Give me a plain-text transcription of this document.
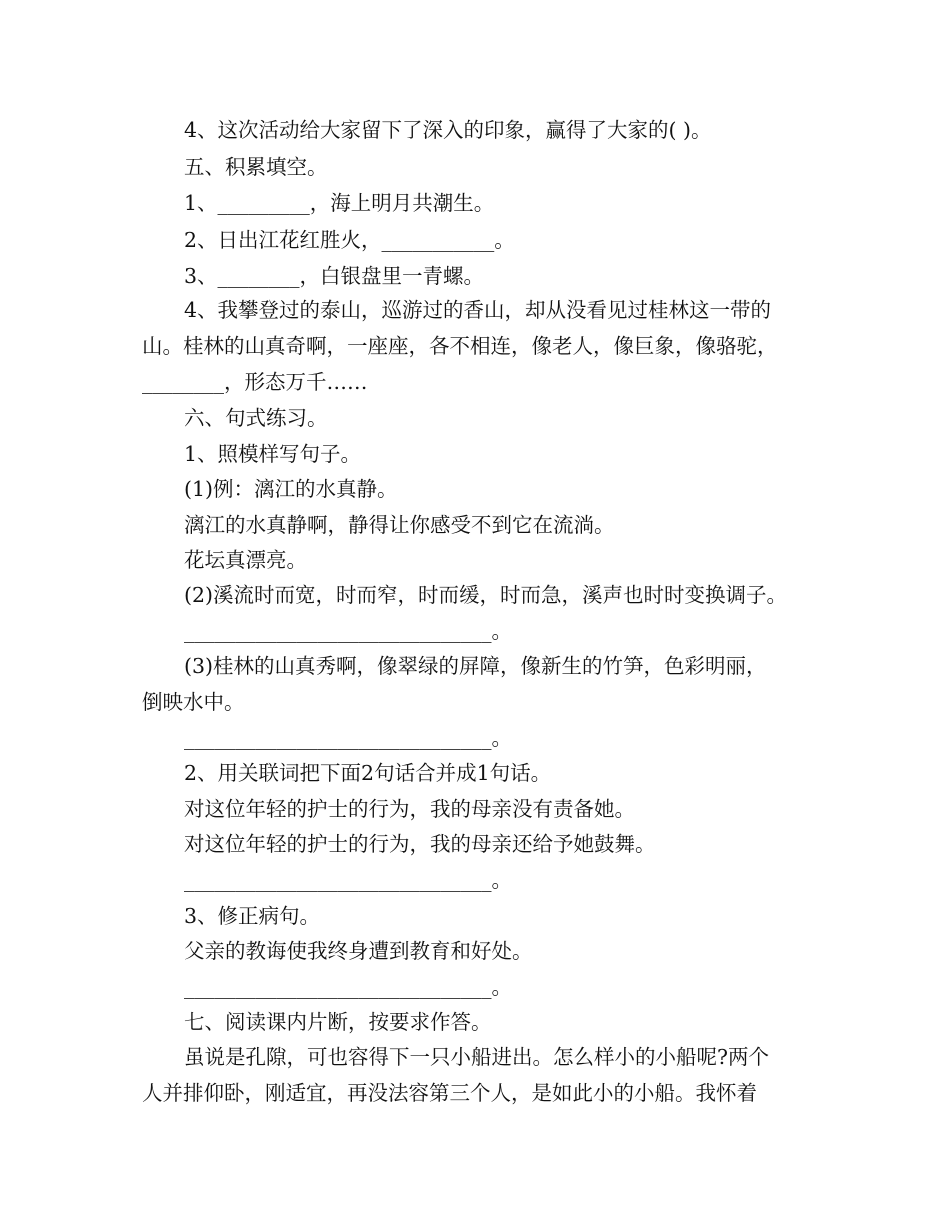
4、这次活动给大家留下了深入的印象，赢得了大家的( )。
五、积累填空。
1、_________，海上明月共潮生。
2、日出江花红胜火，___________。
3、________，白银盘里一青螺。
4、我攀登过的泰山，巡游过的香山，却从没看见过桂林这一带的
山。桂林的山真奇啊，一座座，各不相连，像老人，像巨象，像骆驼，
________，形态万千……
六、句式练习。
1、照模样写句子。
(1)例：漓江的水真静。
漓江的水真静啊，静得让你感受不到它在流淌。
花坛真漂亮。
(2)溪流时而宽，时而窄，时而缓，时而急，溪声也时时变换调子。
______________________________。
(3)桂林的山真秀啊，像翠绿的屏障，像新生的竹笋，色彩明丽，
倒映水中。
______________________________。
2、用关联词把下面2句话合并成1句话。
对这位年轻的护士的行为，我的母亲没有责备她。
对这位年轻的护士的行为，我的母亲还给予她鼓舞。
______________________________。
3、修正病句。
父亲的教诲使我终身遭到教育和好处。
______________________________。
七、阅读课内片断，按要求作答。
虽说是孔隙，可也容得下一只小船进出。怎么样小的小船呢?两个
人并排仰卧，刚适宜，再没法容第三个人，是如此小的小船。我怀着
